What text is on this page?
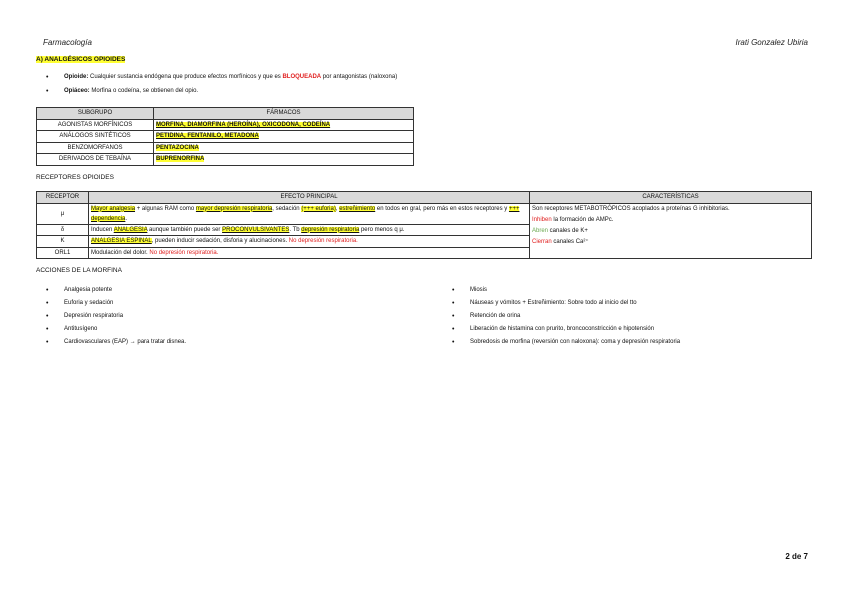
Farmacología	Irati Gonzalez Ubiria
A) ANALGÉSICOS OPIOIDES
• Opioide: Cualquier sustancia endógena que produce efectos morfínicos y que es BLOQUEADA por antagonistas (naloxona)
• Opiáceo: Morfina o codeína, se obtienen del opio.
SUBGRUPO	FÁRMACOS
AGONISTAS MORFÍNICOS	MORFINA, DIAMORFINA (HEROÍNA), OXICODONA, CODEÍNA
ANÁLOGOS SINTÉTICOS	PETIDINA, FENTANILO, METADONA
BENZOMORFANOS	PENTAZOCINA
DERIVADOS DE TEBAÍNA	BUPRENORFINA
RECEPTORES OPIOIDES
RECEPTOR	EFECTO PRINCIPAL	CARACTERÍSTICAS
μ	Mayor analgesia + algunas RAM como mayor depresión respiratoria, sedación (+++ euforia), estreñimiento en todos en gral, pero más en estos receptores y +++ dependencia.	Son receptores METABOTRÓPICOS acoplados a proteínas G inhibitorias.
Inhiben la formación de AMPc.
Abren canales de K+
Cierran canales Ca²⁺

δ	Inducen ANALGESIA aunque también puede ser PROCONVULSIVANTES. Tb depresión respiratoria pero menos q μ.	
K	ANALGESIA ESPINAL, pueden inducir sedación, disforia y alucinaciones. No depresión respiratoria.	
ORL1	Modulación del dolor. No depresión respiratoria.	
ACCIONES DE LA MORFINA
• Analgesia potente
• Euforia y sedación
• Depresión respiratoria
• Antitusígeno
• Cardiovasculares (EAP) → para tratar disnea.
• Miosis
• Náuseas y vómitos + Estreñimiento: Sobre todo al inicio del tto
• Retención de orina
• Liberación de histamina con prurito, broncoconstricción e hipotensión
• Sobredosis de morfina (reversión con naloxona): coma y depresión respiratoria
2 de 7
